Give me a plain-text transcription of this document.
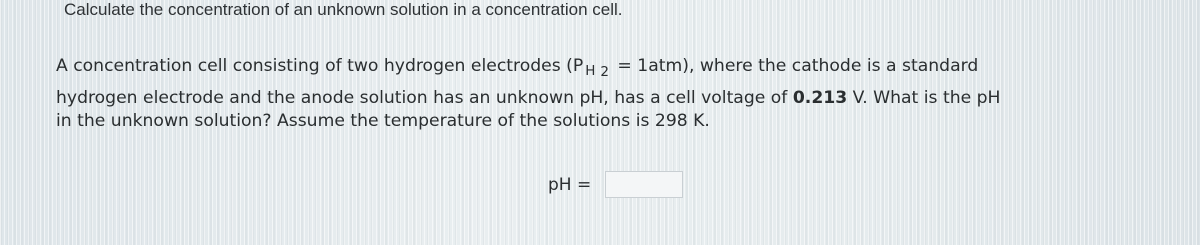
Calculate the concentration of an unknown solution in a concentration cell.
A concentration cell consisting of two hydrogen electrodes (P $_H$ $_2$ = 1atm), where the cathode is a standard
hydrogen electrode and the anode solution has an unknown pH, has a cell voltage of 0.213 V. What is the pH
in the unknown solution? Assume the temperature of the solutions is 298 K.
pH =
